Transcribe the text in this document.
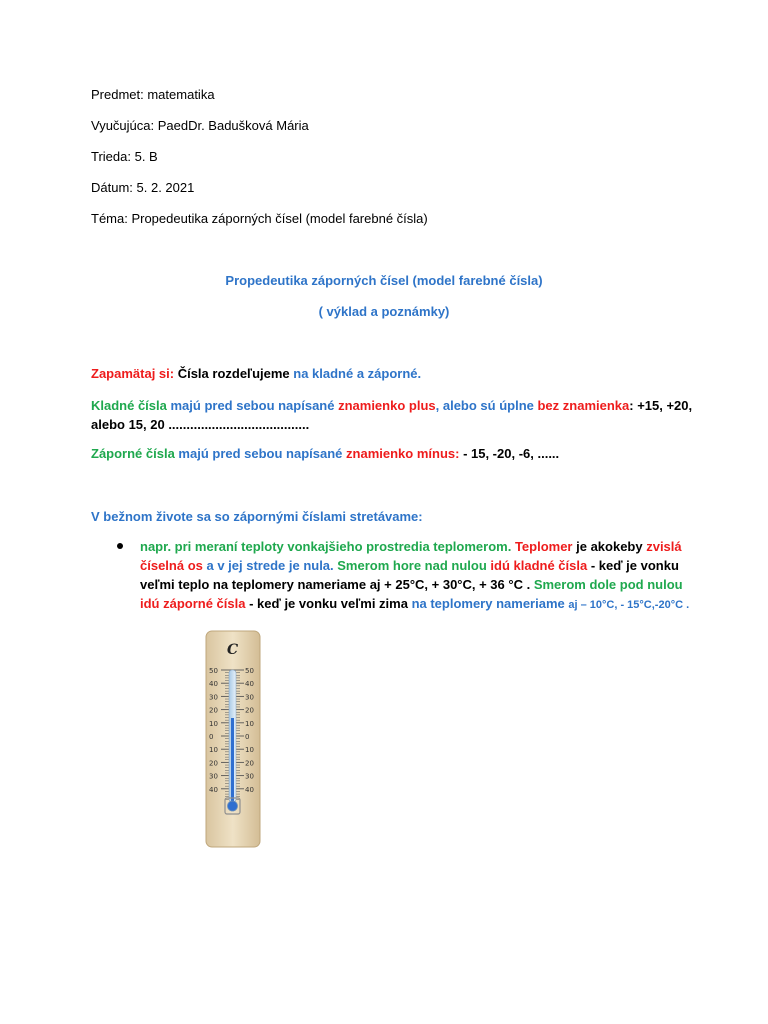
Predmet: matematika
Vyučujúca: PaedDr. Badušková Mária
Trieda: 5. B
Dátum: 5. 2. 2021
Téma: Propedeutika záporných čísel (model farebné čísla)
Propedeutika záporných čísel (model farebné čísla)
( výklad a poznámky)
Zapamätaj si: Čísla rozdeľujeme na kladné a záporné.
Kladné čísla majú pred sebou napísané znamienko plus, alebo sú úplne bez znamienka: +15, +20,
alebo 15, 20 .......................................
Záporné čísla majú pred sebou napísané znamienko mínus: - 15, -20, -6, ......
V bežnom živote sa so zápornými číslami stretávame:
napr. pri meraní teploty vonkajšieho prostredia teplomerom. Teplomer je akokeby zvislá
číselná os a v jej strede je nula. Smerom hore nad nulou idú kladné čísla - keď je vonku
veľmi teplo na teplomery nameriame aj + 25°C, + 30°C, + 36 °C . Smerom dole pod nulou
idú záporné čísla - keď je vonku veľmi zima na teplomery nameriame aj – 10°C, - 15°C,-20°C .
C
50
40
30
20
10
0
10
20
30
40
50
40
30
20
10
0
10
20
30
40
